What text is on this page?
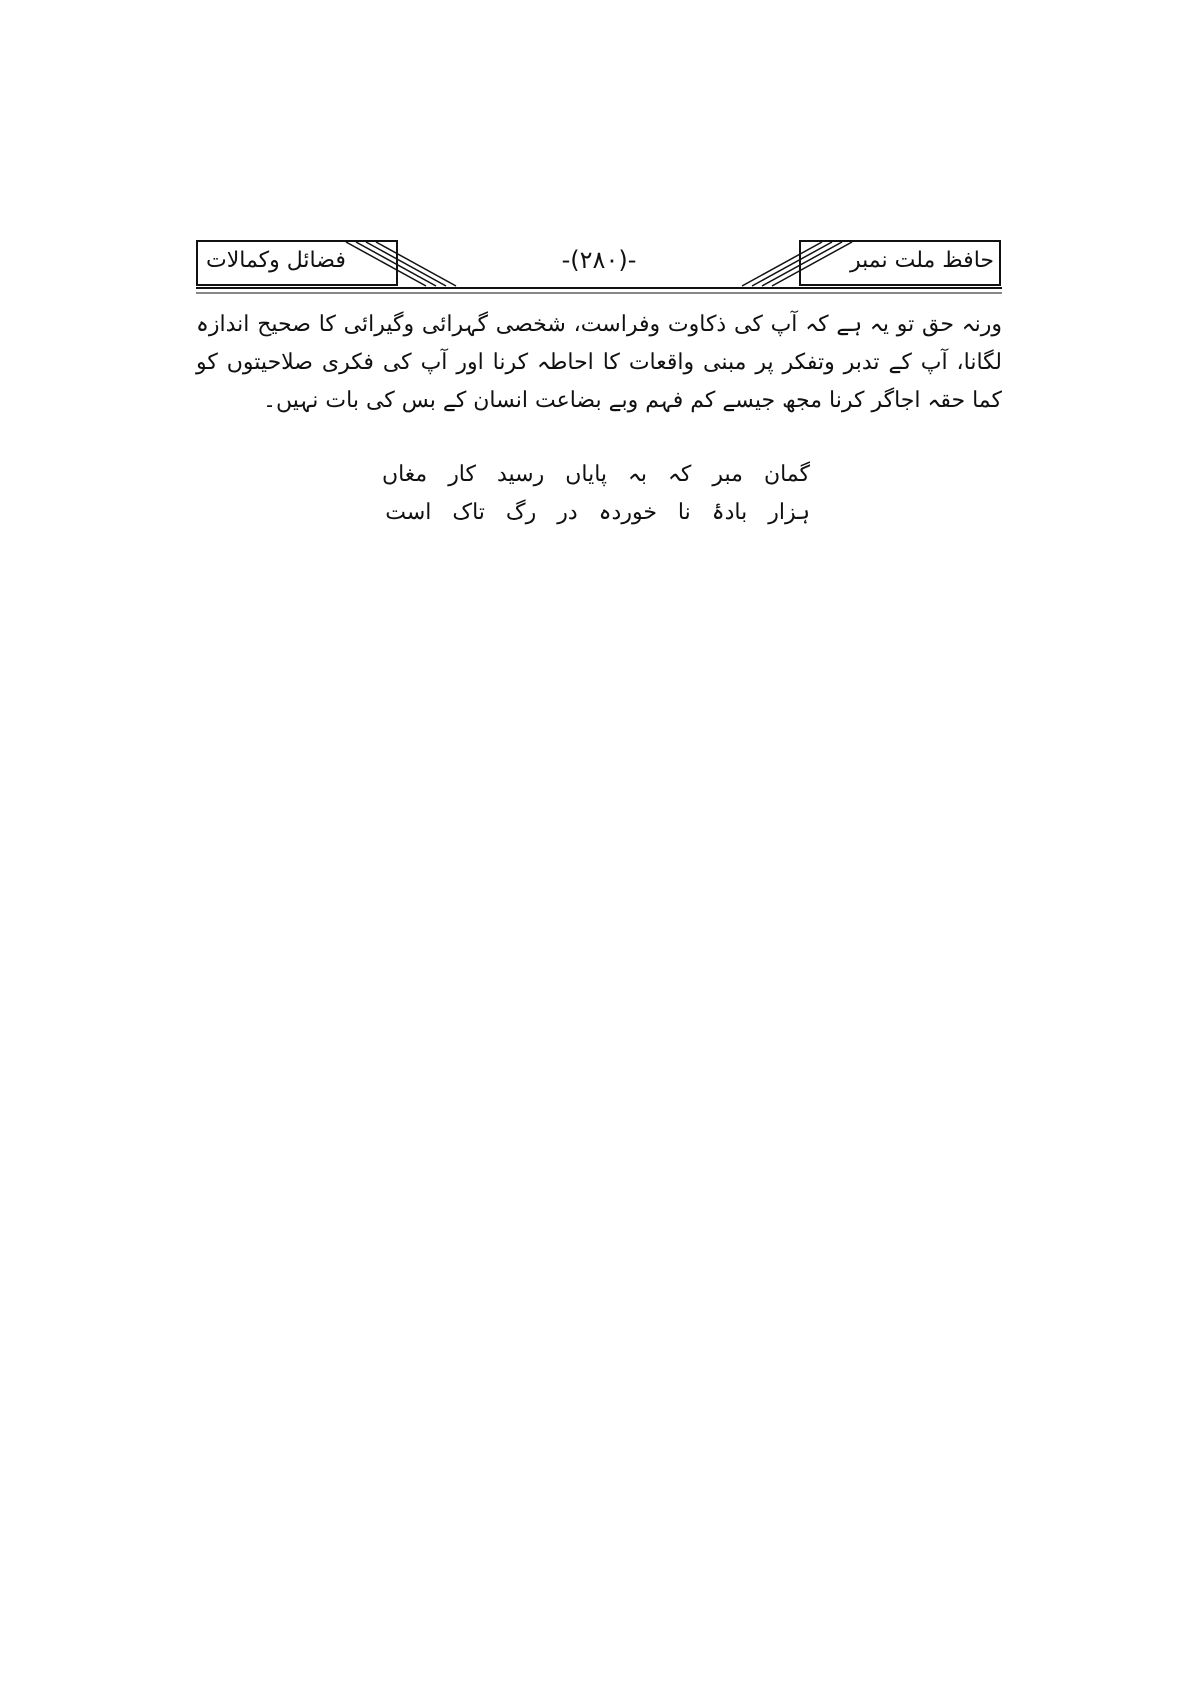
حافظ ملت نمبر
-(۲۸۰)-
فضائل وکمالات

ورنہ حق تو یہ ہے کہ آپ کی ذکاوت وفراست، شخصی گہرائی وگیرائی کا صحیح اندازہ لگانا، آپ کے تدبر وتفکر پر مبنی واقعات کا احاطہ کرنا اور آپ کی فکری صلاحیتوں کو کما حقہ اجاگر کرنا مجھ جیسے کم فہم وبے بضاعت انسان کے بس کی بات نہیں۔

گمان مبر کہ بہ پایاں رسید کار مغاں
ہزار بادۂ نا خوردہ در رگ تاک است
